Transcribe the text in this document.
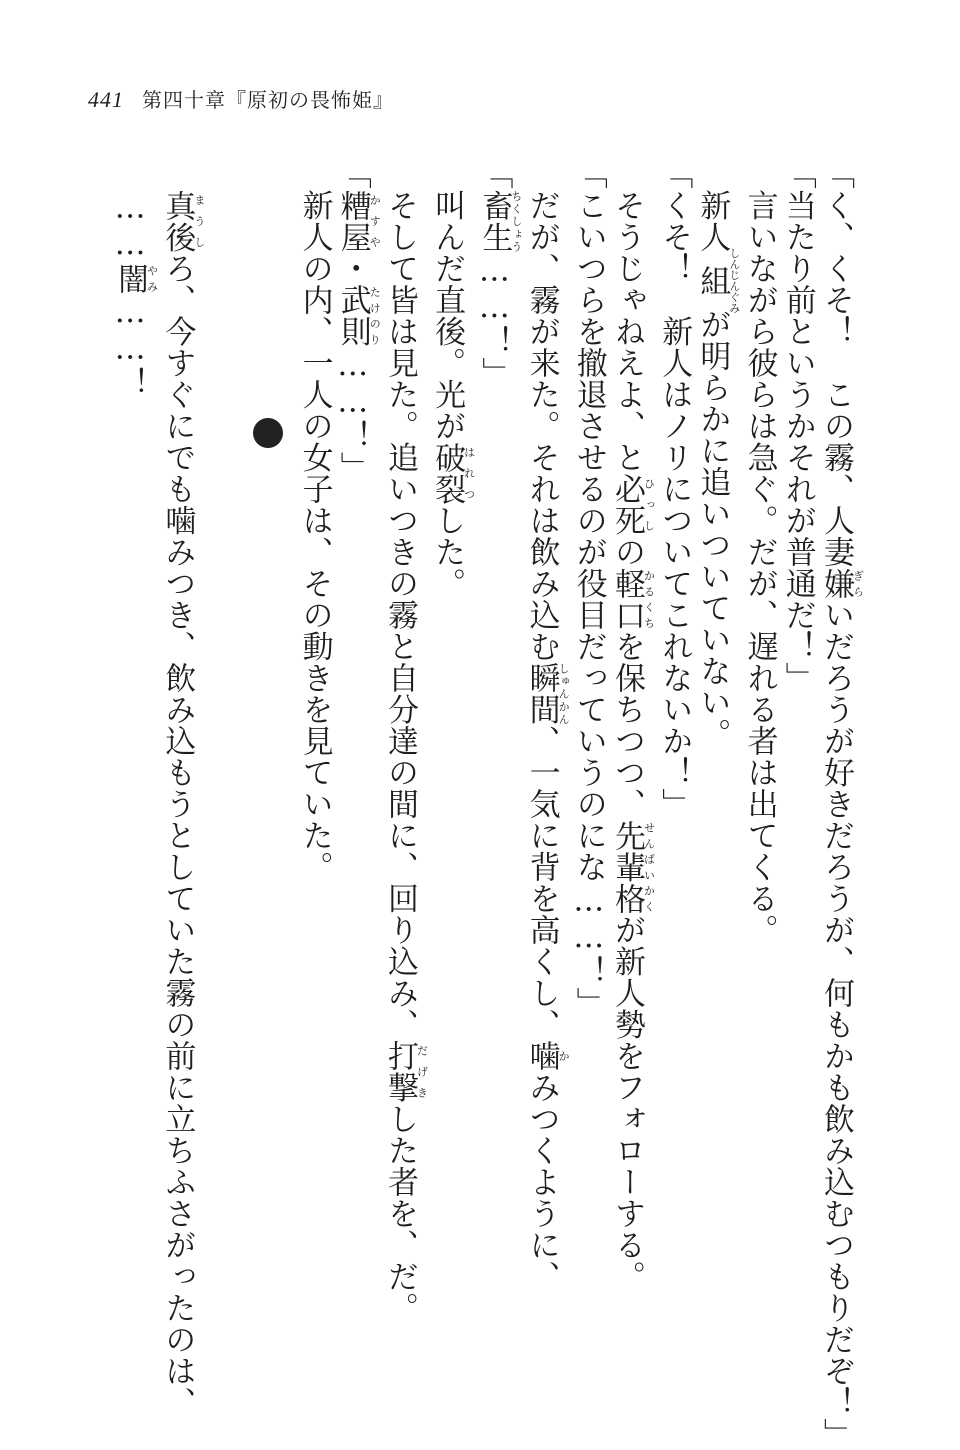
441 第四十章『原初の畏怖姫』
「く、くそ！　この霧、人妻嫌ぎらいだろうが好きだろうが、何もかも飲み込むつもりだぞ！」
「当たり前というかそれが普通だ！」
言いながら彼らは急ぐ。だが、遅れる者は出てくる。
新人組しんじんぐみが明らかに追いついていない。
「くそ！　新人はノリについてこれないか！」
そうじゃねえよ、と必死ひっしの軽口かるくちを保ちつつ、先輩格せんぱいかくが新人勢をフォローする。
「こいつらを撤退させるのが役目だっていうのにな……！」
だが、霧が来た。それは飲み込む瞬間しゅんかん、一気に背を高くし、噛かみつくように、
「畜生ちくしょう……！」
叫んだ直後。光が破裂はれつした。
そして皆は見た。追いつきの霧と自分達の間に、回り込み、打撃だげきした者を、だ。
「糟屋かすや・武則たけのり……！」
新人の内、一人の女子は、その動きを見ていた。
真後まうしろ、今すぐにでも噛みつき、飲み込もうとしていた霧の前に立ちふさがったのは、
……闇やみ……！
